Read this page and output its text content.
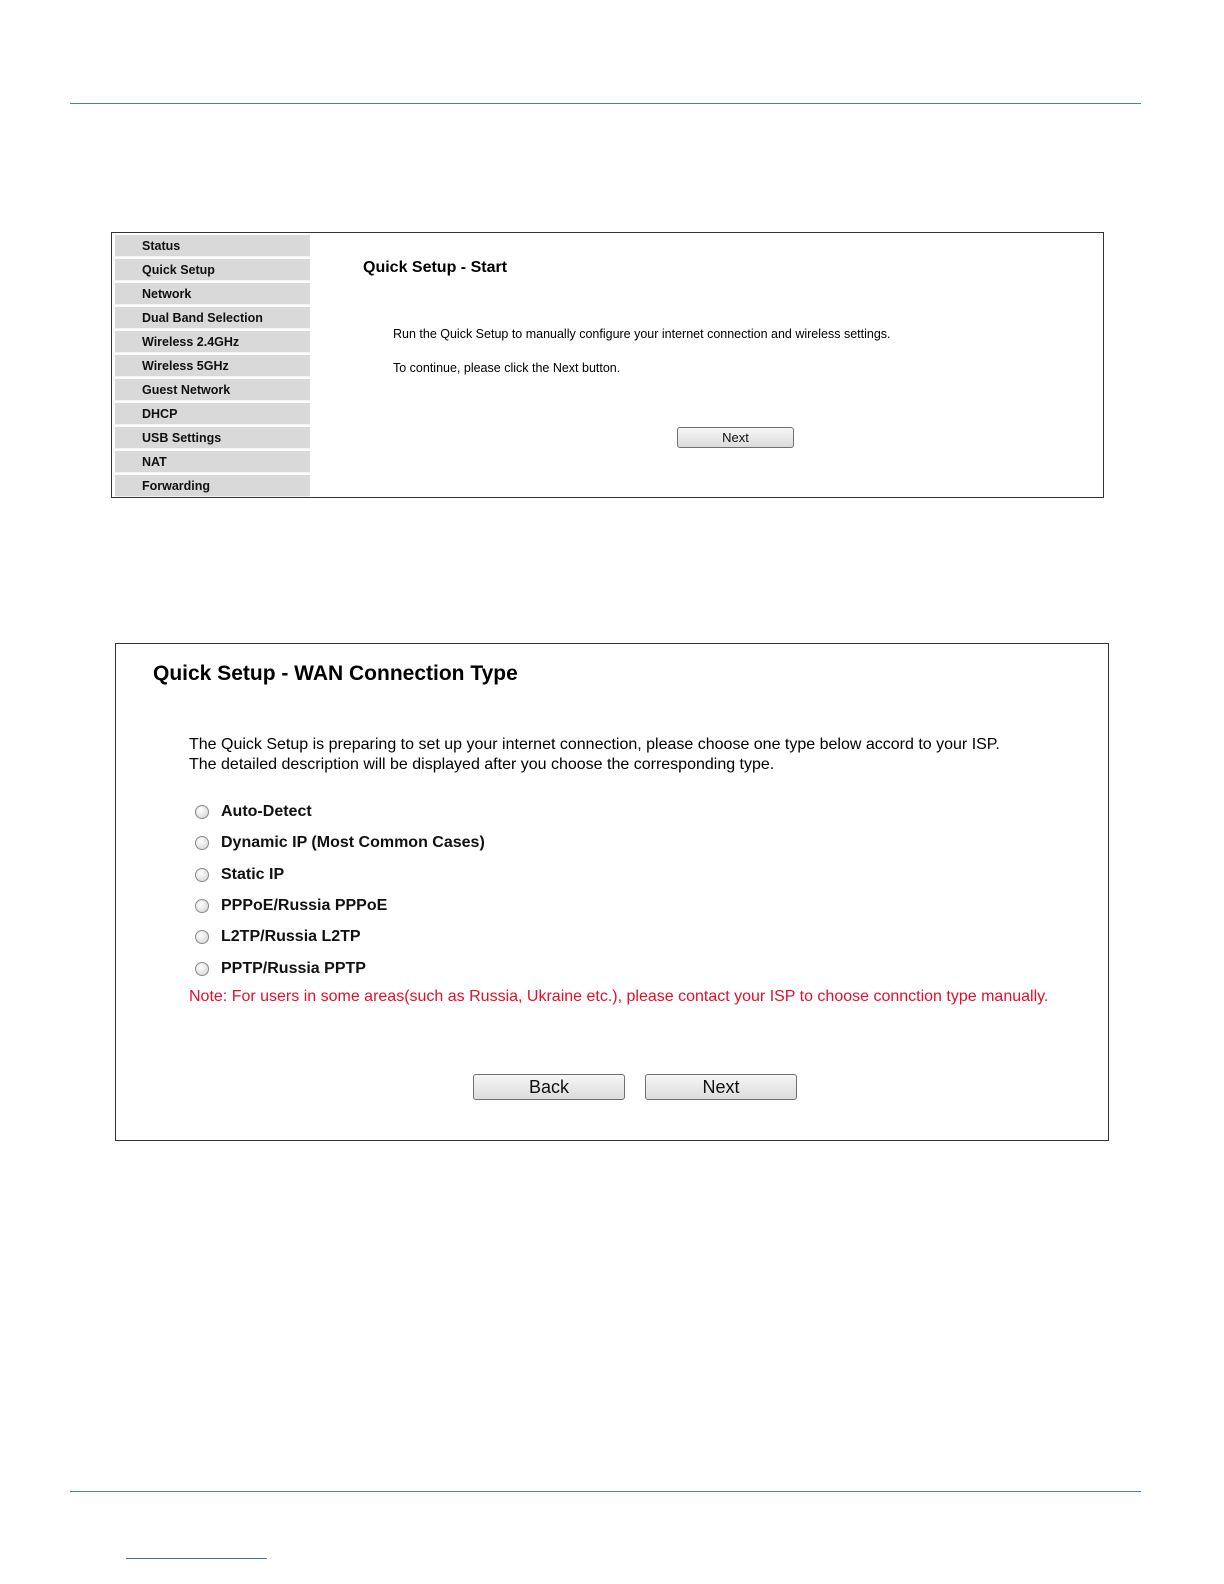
Status
Quick Setup
Network
Dual Band Selection
Wireless 2.4GHz
Wireless 5GHz
Guest Network
DHCP
USB Settings
NAT
Forwarding
Quick Setup - Start
Run the Quick Setup to manually configure your internet connection and wireless settings.
To continue, please click the Next button.
Next
Quick Setup - WAN Connection Type
The Quick Setup is preparing to set up your internet connection, please choose one type below accord to your ISP.
The detailed description will be displayed after you choose the corresponding type.
Auto-Detect
Dynamic IP (Most Common Cases)
Static IP
PPPoE/Russia PPPoE
L2TP/Russia L2TP
PPTP/Russia PPTP
Note: For users in some areas(such as Russia, Ukraine etc.), please contact your ISP to choose connction type manually.
Back	Next
